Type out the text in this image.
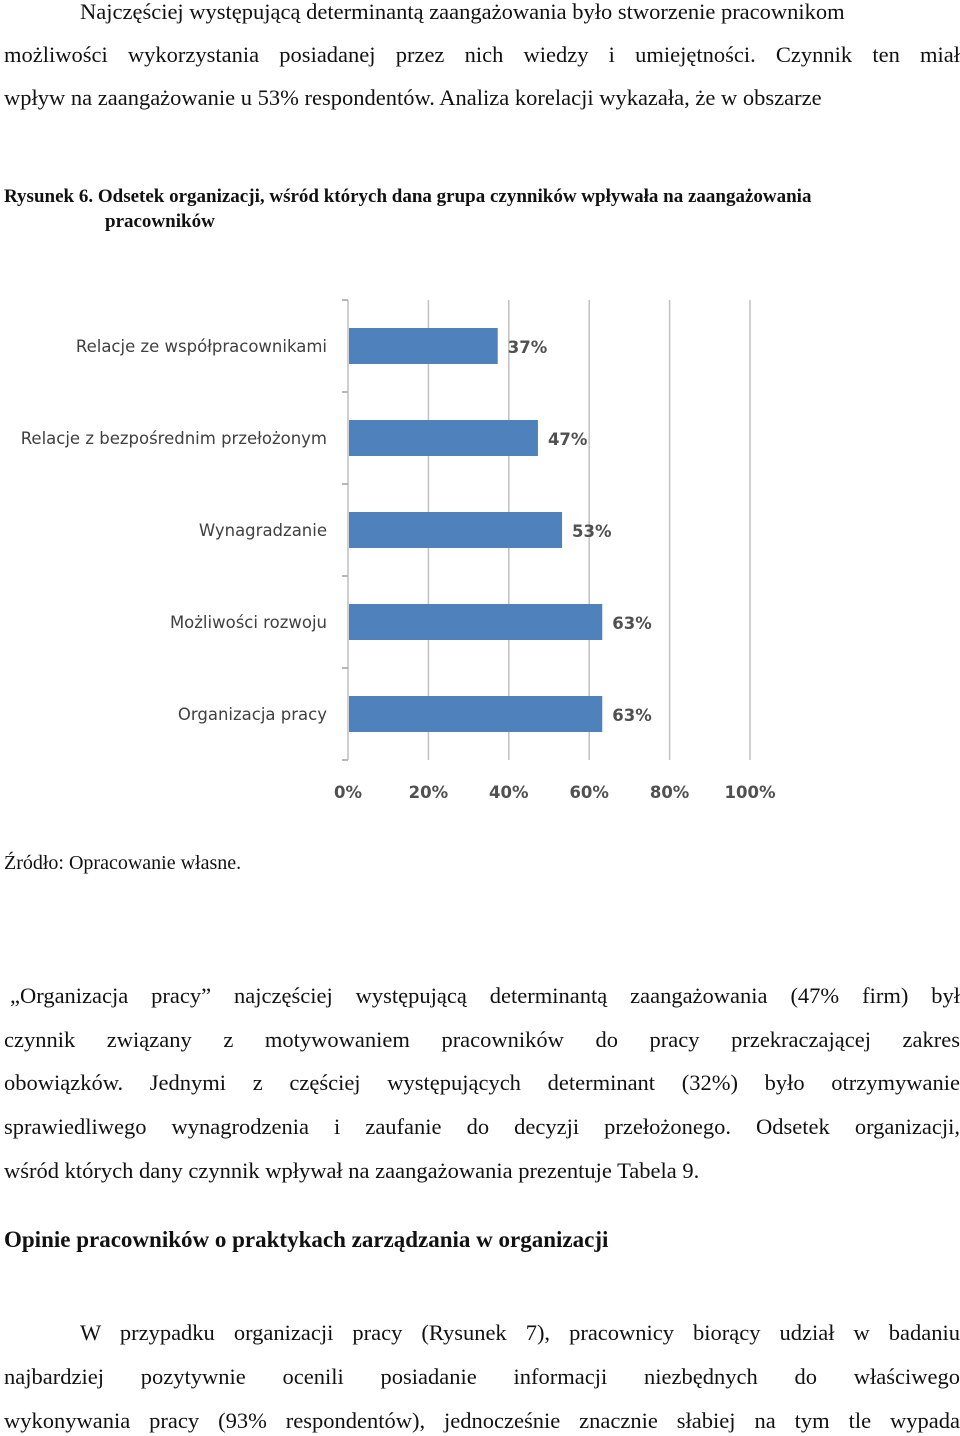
Najczęściej występującą determinantą zaangażowania było stworzenie pracownikom
możliwości wykorzystania posiadanej przez nich wiedzy i umiejętności. Czynnik ten miał
wpływ na zaangażowanie u 53% respondentów. Analiza korelacji wykazała, że w obszarze
Rysunek 6. Odsetek organizacji, wśród których dana grupa czynników wpływała na zaangażowania
pracowników
Relacje ze współpracownikami	37%
Relacje z bezpośrednim przełożonym	47%
Wynagradzanie	53%
Możliwości rozwoju	63%
Organizacja pracy	63%
0%	20% 40% 60% 80% 100%
Źródło: Opracowanie własne.
„Organizacja pracy” najczęściej występującą determinantą zaangażowania (47% firm) był
czynnik związany z motywowaniem pracowników do pracy przekraczającej zakres
obowiązków. Jednymi z częściej występujących determinant (32%) było otrzymywanie
sprawiedliwego wynagrodzenia i zaufanie do decyzji przełożonego. Odsetek organizacji,
wśród których dany czynnik wpływał na zaangażowania prezentuje Tabela 9.
Opinie pracowników o praktykach zarządzania w organizacji
W przypadku organizacji pracy (Rysunek 7), pracownicy biorący udział w badaniu
najbardziej pozytywnie ocenili posiadanie informacji niezbędnych do właściwego
wykonywania pracy (93% respondentów), jednocześnie znacznie słabiej na tym tle wypada
